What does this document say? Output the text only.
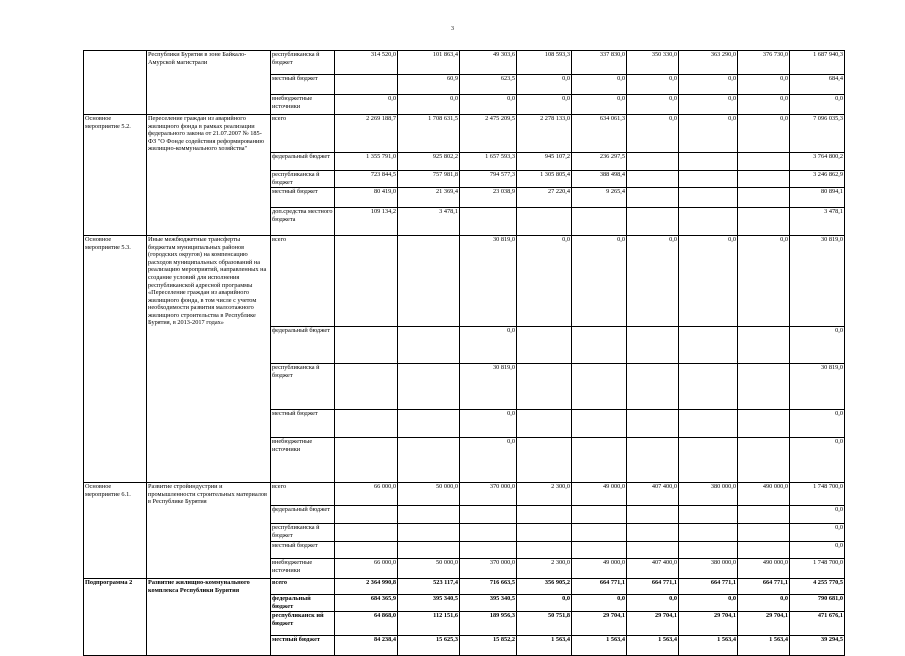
3
	Республики Бурятия в зоне Байкало-Амурской магистрали	республиканска й бюджет	314 520,0	101 863,4	49 303,6	108 593,3	337 830,0	350 330,0	363 290,0	376 730,0	1 687 940,3
		местный бюджет		60,9	623,5	0,0	0,0	0,0	0,0	0,0	684,4
		внебюджетные источники	0,0	0,0	0,0	0,0	0,0	0,0	0,0	0,0	0,0
Основное мероприятие 5.2.	Переселение граждан из аварийного жилищного фонда в рамках реализации федерального закона от 21.07.2007 № 185-ФЗ "О Фонде содействия реформированию жилищно-коммунального хозяйства"	всего	2 269 188,7	1 708 631,5	2 475 209,5	2 278 133,0	634 061,3	0,0	0,0	0,0	7 096 035,3
		федеральный бюджет	1 355 791,0	925 802,2	1 657 593,3	945 107,2	236 297,5				3 764 800,2
		республиканска й бюджет	723 844,5	757 981,8	794 577,3	1 305 805,4	388 498,4				3 246 862,9
		местный бюджет	80 419,0	21 369,4	23 038,9	27 220,4	9 265,4				80 894,1
		доп.средства местного бюджета	109 134,2	3 478,1							3 478,1
Основное мероприятие 5.3.	Иные межбюджетные трансферты бюджетам муниципальных районов (городских округов) на компенсацию расходов муниципальных образований на реализацию мероприятий, направленных на создание условий для исполнения республиканской адресной программы «Переселение граждан из аварийного жилищного фонда, в том числе с учетом необходимости развития малоэтажного жилищного строительства в Республике Бурятия, в 2013-2017 годах»	всего			30 819,0	0,0	0,0	0,0	0,0	0,0	30 819,0
		федеральный бюджет			0,0						0,0
		республиканска й бюджет			30 819,0						30 819,0
		местный бюджет			0,0						0,0
		внебюджетные источники			0,0						0,0
Основное мероприятие 6.1.	Развитие стройиндустрии и промышленности строительных материалов в Республике Бурятия	всего	66 000,0	50 000,0	370 000,0	2 300,0	49 000,0	407 400,0	380 000,0	490 000,0	1 748 700,0
		федеральный бюджет									0,0
		республиканска й бюджет									0,0
		местный бюджет									0,0
		внебюджетные источники	66 000,0	50 000,0	370 000,0	2 300,0	49 000,0	407 400,0	380 000,0	490 000,0	1 748 700,0
Подпрограмма 2	Развитие жилищно-коммунального комплекса Республики Бурятия	всего	2 364 990,8	523 117,4	716 663,5	356 905,2	664 771,1	664 771,1	664 771,1	664 771,1	4 255 770,5
		федеральный бюджет	684 365,9	395 340,5	395 340,5	0,0	0,0	0,0	0,0	0,0	790 681,0
		республиканск ий бюджет	64 868,0	112 151,6	189 956,3	50 751,8	29 704,1	29 704,1	29 704,1	29 704,1	471 676,1
		местный бюджет	84 238,4	15 625,3	15 852,2	1 563,4	1 563,4	1 563,4	1 563,4	1 563,4	39 294,5
